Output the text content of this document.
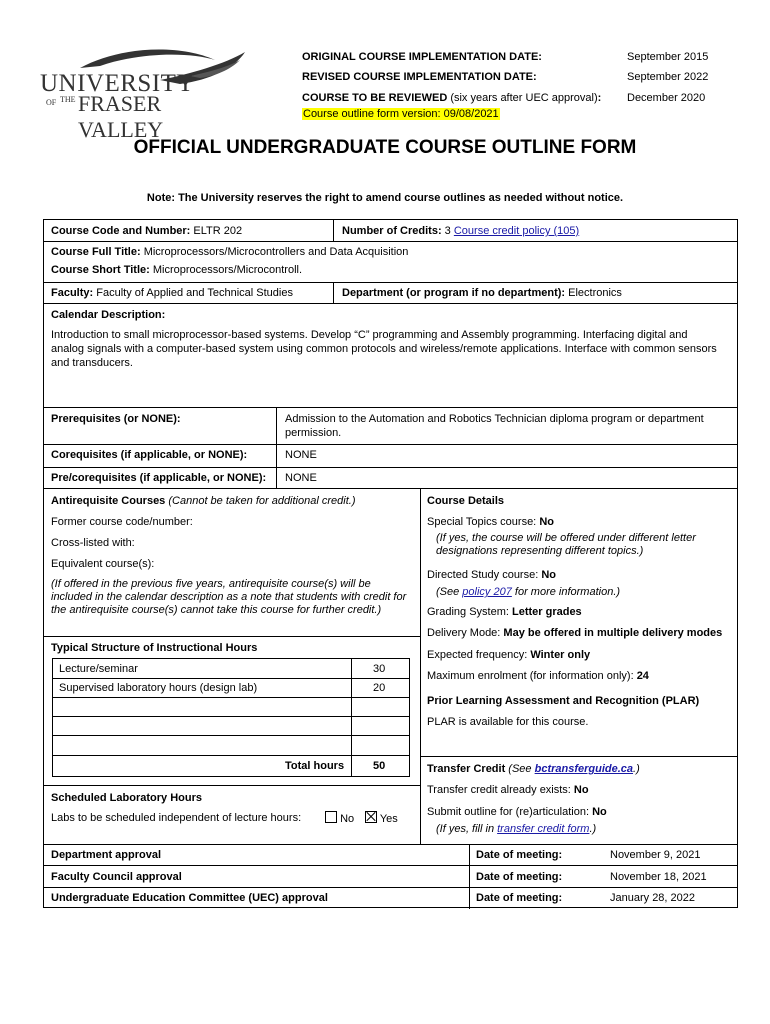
UNIVERSITY
OF THE FRASER VALLEY
ORIGINAL COURSE IMPLEMENTATION DATE:	September 2015
REVISED COURSE IMPLEMENTATION DATE:	September 2022
COURSE TO BE REVIEWED (six years after UEC approval): December 2020
Course outline form version: 09/08/2021
OFFICIAL UNDERGRADUATE COURSE OUTLINE FORM
Note: The University reserves the right to amend course outlines as needed without notice.
Course Code and Number: ELTR 202	Number of Credits: 3 Course credit policy (105)
Course Full Title: Microprocessors/Microcontrollers and Data Acquisition
Course Short Title: Microprocessors/Microcontroll.
Faculty: Faculty of Applied and Technical Studies	Department (or program if no department): Electronics
Calendar Description:
Introduction to small microprocessor-based systems. Develop “C” programming and Assembly programming. Interfacing digital and analog signals with a computer-based system using common protocols and wireless/remote applications. Interface with common sensors and transducers.
Prerequisites (or NONE):	Admission to the Automation and Robotics Technician diploma program or department permission.
Corequisites (if applicable, or NONE):	NONE
Pre/corequisites (if applicable, or NONE): NONE
Antirequisite Courses (Cannot be taken for additional credit.)
Former course code/number:
Cross-listed with:
Equivalent course(s):
(If offered in the previous five years, antirequisite course(s) will be included in the calendar description as a note that students with credit for the antirequisite course(s) cannot take this course for further credit.)
Typical Structure of Instructional Hours
Lecture/seminar	30
Supervised laboratory hours (design lab)	20
Total hours	50
Scheduled Laboratory Hours
Labs to be scheduled independent of lecture hours:	No	Yes
Course Details
Special Topics course: No
(If yes, the course will be offered under different letter designations representing different topics.)
Directed Study course: No
(See policy 207 for more information.)
Grading System: Letter grades
Delivery Mode: May be offered in multiple delivery modes
Expected frequency: Winter only
Maximum enrolment (for information only): 24
Prior Learning Assessment and Recognition (PLAR)
PLAR is available for this course.
Transfer Credit (See bctransferguide.ca.)
Transfer credit already exists: No
Submit outline for (re)articulation: No
(If yes, fill in transfer credit form.)
Department approval	Date of meeting:	November 9, 2021
Faculty Council approval	Date of meeting:	November 18, 2021
Undergraduate Education Committee (UEC) approval	Date of meeting:	January 28, 2022
